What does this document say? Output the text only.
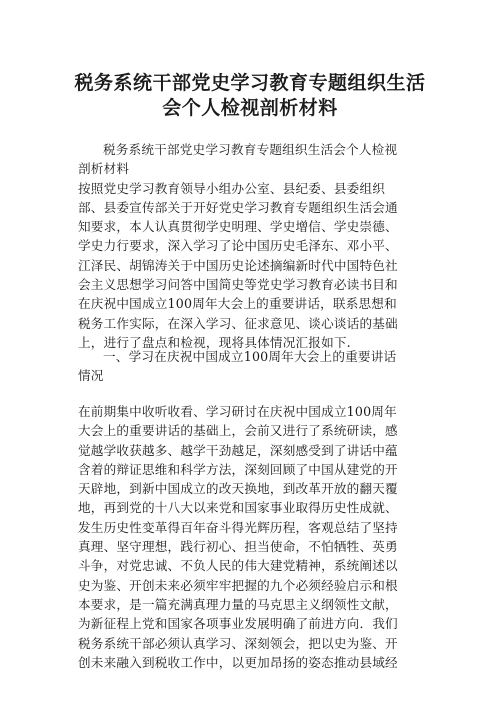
税务系统干部党史学习教育专题组织生活
会个人检视剖析材料
税务系统干部党史学习教育专题组织生活会个人检视
剖析材料
按照党史学习教育领导小组办公室、县纪委、县委组织
部、县委宣传部关于开好党史学习教育专题组织生活会通
知要求，本人认真贯彻学史明理、学史增信、学史崇德、
学史力行要求，深入学习了论中国历史毛泽东、邓小平、
江泽民、胡锦涛关于中国历史论述摘编新时代中国特色社
会主义思想学习问答中国简史等党史学习教育必读书目和
在庆祝中国成立100周年大会上的重要讲话，联系思想和
税务工作实际，在深入学习、征求意见、谈心谈话的基础
上，进行了盘点和检视，现将具体情况汇报如下.
一、学习在庆祝中国成立100周年大会上的重要讲话
情况
在前期集中收听收看、学习研讨在庆祝中国成立100周年
大会上的重要讲话的基础上，会前又进行了系统研读，感
觉越学收获越多、越学干劲越足，深刻感受到了讲话中蕴
含着的辩证思维和科学方法，深刻回顾了中国从建党的开
天辟地，到新中国成立的改天换地，到改革开放的翻天覆
地，再到党的十八大以来党和国家事业取得历史性成就、
发生历史性变革得百年奋斗得光辉历程，客观总结了坚持
真理、坚守理想，践行初心、担当使命，不怕牺牲、英勇
斗争，对党忠诚、不负人民的伟大建党精神，系统阐述以
史为鉴、开创未来必须牢牢把握的九个必须经验启示和根
本要求，是一篇充满真理力量的马克思主义纲领性文献，
为新征程上党和国家各项事业发展明确了前进方向．我们
税务系统干部必须认真学习、深刻领会，把以史为鉴、开
创未来融入到税收工作中，以更加昂扬的姿态推动县域经
